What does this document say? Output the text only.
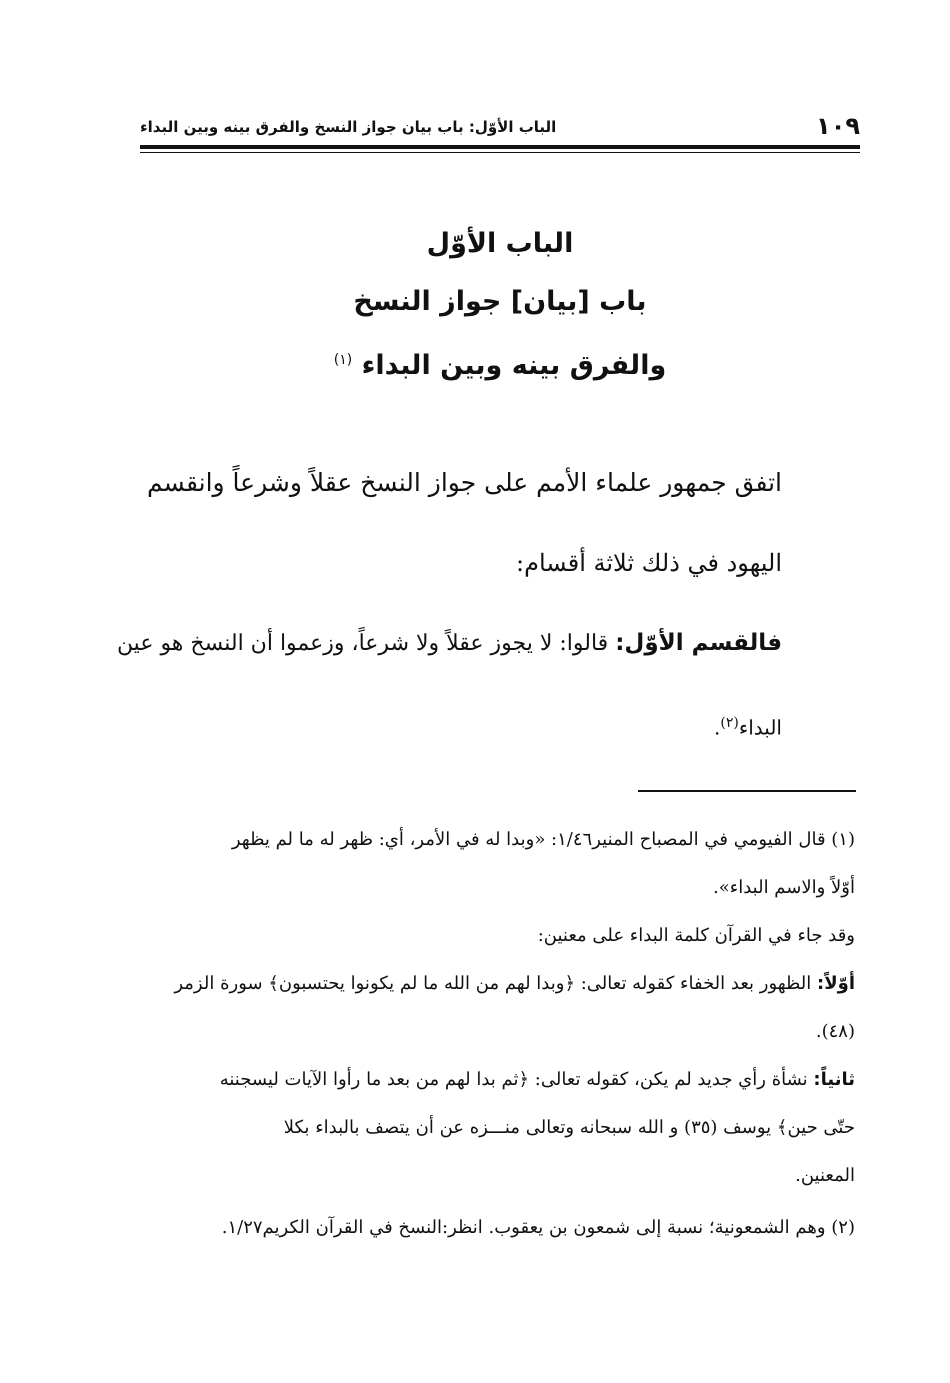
١٠٩
الباب الأوّل: باب بيان جواز النسخ والفرق بينه وبين البداء
الباب الأوّل
باب [بيان] جواز النسخ
والفرق بينه وبين البداء $^{(١)}$
اتفق جمهور علماء الأمم على جواز النسخ عقلاً وشرعاً وانقسم
اليهود في ذلك ثلاثة أقسام:
فالقسم الأوّل: قالوا: لا يجوز عقلاً ولا شرعاً، وزعموا أن النسخ هو عين
البداء$^{(٢)}$.
(١) قال الفيومي في المصباح المنير١/٤٦: «وبدا له في الأمر، أي: ظهر له ما لم يظهر
أوّلاً والاسم البداء».
وقد جاء في القرآن كلمة البداء على معنين:
أوّلاً: الظهور بعد الخفاء كقوله تعالى: ﴿وبدا لهم من الله ما لم يكونوا يحتسبون﴾ سورة الزمر
(٤٨).
ثانياً: نشأة رأي جديد لم يكن، كقوله تعالى: ﴿ثم بدا لهم من بعد ما رأوا الآيات ليسجننه
حتّى حين﴾ يوسف (٣٥) و الله سبحانه وتعالى منـــزه عن أن يتصف بالبداء بكلا
المعنين.
(٢) وهم الشمعونية؛ نسبة إلى شمعون بن يعقوب. انظر:النسخ في القرآن الكريم١/٢٧.
